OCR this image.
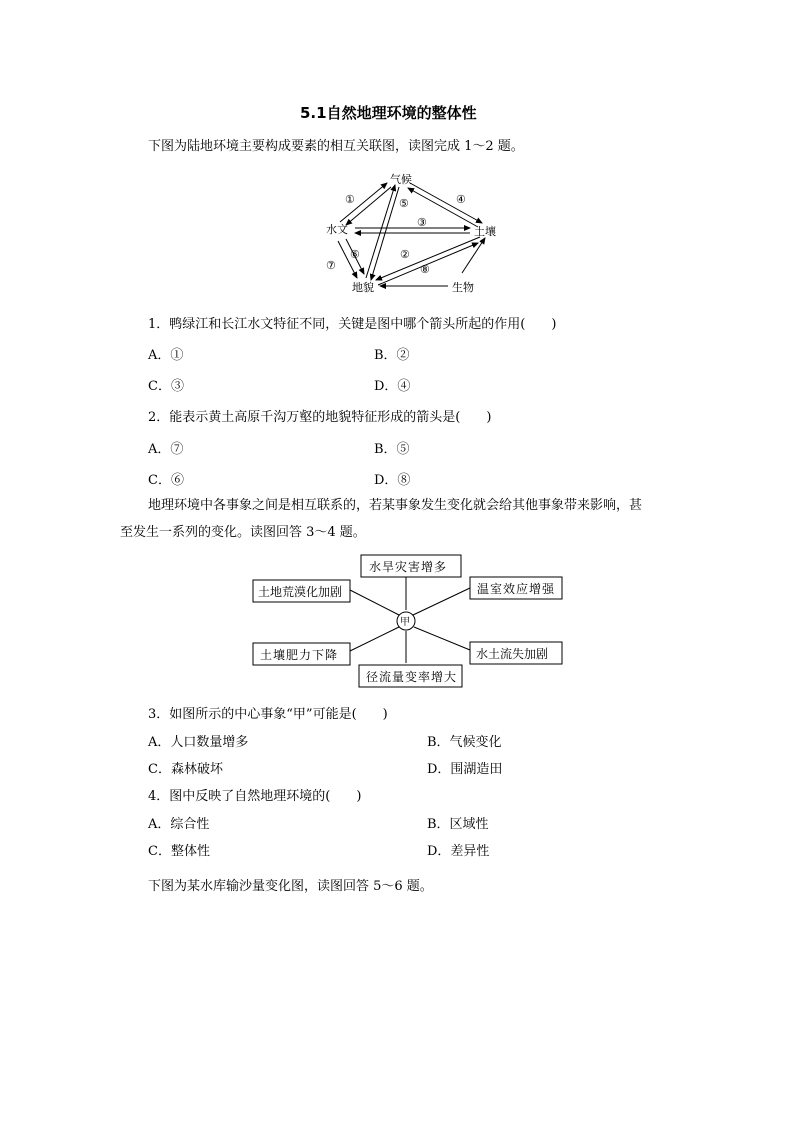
5.1自然地理环境的整体性
下图为陆地环境主要构成要素的相互关联图，读图完成 1～2 题。
气候
水文	土壤
地貌	生物
①
②
③
④
⑤
⑥
⑦	⑧
1．鸭绿江和长江水文特征不同，关键是图中哪个箭头所起的作用(　　)
A．①	B．②
C．③	D．④
2．能表示黄土高原千沟万壑的地貌特征形成的箭头是(　　)
A．⑦	B．⑤
C．⑥	D．⑧
地理环境中各事象之间是相互联系的，若某事象发生变化就会给其他事象带来影响，甚
至发生一系列的变化。读图回答 3～4 题。
甲
水旱灾害增多
土地荒漠化加剧	温室效应增强
土壤肥力下降	水土流失加剧
径流量变率增大
3．如图所示的中心事象“甲”可能是(　　)
A．人口数量增多	B．气候变化
C．森林破坏	D．围湖造田
4．图中反映了自然地理环境的(　　)
A．综合性	B．区域性
C．整体性	D．差异性
下图为某水库输沙量变化图，读图回答 5～6 题。
